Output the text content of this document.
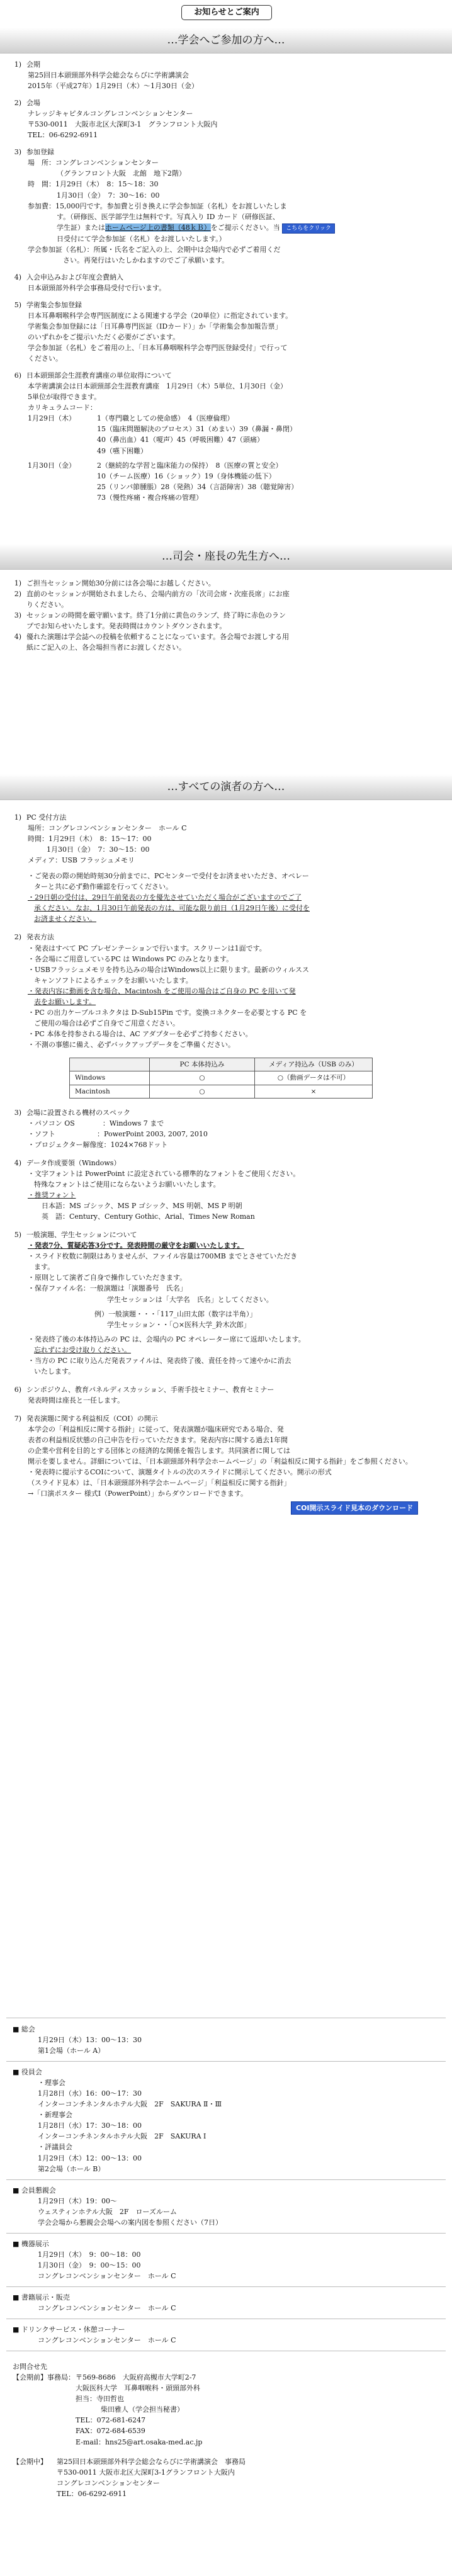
お知らせとご案内
…学会へご参加の方へ…
1) 会期
第25回日本頭頸部外科学会総会ならびに学術講演会
2015年（平成27年）1月29日（木）～1月30日（金）
2) 会場
ナレッジキャピタルコングレコンベンションセンター
〒530-0011　大阪市北区大深町3-1　グランフロント大阪内
TEL：06-6292-6911
3) 参加登録
場　所：コングレコンベンションセンター
（グランフロント大阪　北館　地下2階）
時　間：1月29日（木）　8：15～18：30
1月30日（金）　7：30～16：00
参加費：15,000円です。参加費と引き換えに学会参加証（名札）をお渡しいたしま
す。（研修医、医学部学生は無料です。写真入り ID カード（研修医証、
学生証）またはホームページ上の書類（48ｋＢ）をご提示ください。当 こちらをクリック
日受付にて学会参加証（名札）をお渡しいたします。）
学会参加証（名札）：所属・氏名をご記入の上、会期中は会場内で必ずご着用くだ
さい。再発行はいたしかねますのでご了承願います。
4) 入会申込みおよび年度会費納入
日本頭頸部外科学会事務局受付で行います。
5) 学術集会参加登録
日本耳鼻咽喉科学会専門医制度による関連する学会（20単位）に指定されています。
学術集会参加登録には「日耳鼻専門医証（IDカード）」か「学術集会参加報告票」
のいずれかをご提示いただく必要がございます。
学会参加証（名札）をご着用の上、「日本耳鼻咽喉科学会専門医登録受付」で行って
ください。
6) 日本頭頸部会生涯教育講座の単位取得について
本学術講演会は日本頭頸部会生涯教育講座　1月29日（木）5単位、1月30日（金）
5単位が取得できます。
カリキュラムコード：
1月29日（木）	1（専門職としての使命感）　4（医療倫理）
15（臨床問題解決のプロセス）31（めまい）39（鼻漏・鼻閉）
40（鼻出血）41（嗄声）45（呼吸困難）47（頭痛）
49（嚥下困難）
1月30日（金）	2（継続的な学習と臨床能力の保持）　8（医療の質と安全）
10（チーム医療）16（ショック）19（身体機能の低下）
25（リンパ節腫脹）28（発熱）34（言語障害）38（聴覚障害）
73（慢性疼痛・複合疼痛の管理）
…司会・座長の先生方へ…
1) ご担当セッション開始30分前には各会場にお越しください。
2) 直前のセッションが開始されましたら、会場内前方の「次司会席・次座長席」にお座
りください。
3) セッションの時間を厳守願います。終了1分前に黄色のランプ、終了時に赤色のラン
プでお知らせいたします。発表時間はカウントダウンされます。
4) 優れた演題は学会誌への投稿を依頼することになっています。各会場でお渡しする用
紙にご記入の上、各会場担当者にお渡しください。
…すべての演者の方へ…
1) PC 受付方法
場所：コングレコンベンションセンター　ホール C
時間：1月29日（木）　8：15～17：00
1月30日（金）　7：30～15：00
メディア：USB フラッシュメモリ
・ご発表の際の開始時刻30分前までに、PCセンターで受付をお済ませいただき、オペレー
ターと共に必ず動作確認を行ってください。
・29日朝の受付は、29日午前発表の方を優先させていただく場合がございますのでご了
承ください。なお、1月30日午前発表の方は、可能な限り前日（1月29日午後）に受付を
お済ませください。
2) 発表方法
・発表はすべて PC プレゼンテーションで行います。スクリーンは1面です。
・各会場にご用意しているPC は Windows PC のみとなります。
・USBフラッシュメモリを持ち込みの場合はWindows以上に限ります。最新のウィルスス
キャンソフトによるチェックをお願いいたします。
・発表内容に動画を含む場合、Macintosh をご使用の場合はご自身の PC を用いて発
表をお願いします。
・PC の出力ケーブルコネクタは D-Sub15Pin です。変換コネクターを必要とする PC を
ご使用の場合は必ずご自身でご用意ください。
・PC 本体を持参される場合は、AC アダプターを必ずご持参ください。
・不測の事態に備え、必ずバックアップデータをご準備ください。
	PC 本体持込み	メディア持込み（USB のみ）
Windows	○	○（動画データは不可）
Macintosh	○	×
3) 会場に設置される機材のスペック
・パソコン OS　　　　：Windows 7 まで
・ソフト　　　　　　：PowerPoint 2003, 2007, 2010
・プロジェクター解像度：1024×768ドット
4) データ作成要領（Windows）
・文字フォントは PowerPoint に設定されている標準的なフォントをご使用ください。
特殊なフォントはご使用にならないようお願いいたします。
・推奨フォント
日本語：MS ゴシック、MS P ゴシック、MS 明朝、MS P 明朝
英　語：Century、Century Gothic、Arial、Times New Roman
5) 一般演題、学生セッションについて
・発表7分、質疑応答3分です。発表時間の厳守をお願いいたします。
・スライド枚数に制限はありませんが、ファイル容量は700MB までとさせていただき
ます。
・原則として演者ご自身で操作していただきます。
・保存ファイル名：一般演題は「演題番号　氏名」
学生セッションは「大学名　氏名」としてください。
例）一般演題・・・「117_山田太郎（数字は半角）」
学生セッション・・「○×医科大学_鈴木次郎」
・発表終了後の本体持込みの PC は、会場内の PC オペレーター席にて返却いたします。
忘れずにお受け取りください。
・当方の PC に取り込んだ発表ファイルは、発表終了後、責任を持って速やかに消去
いたします。
6) シンポジウム、教育パネルディスカッション、手術手技セミナー、教育セミナー
発表時間は座長と一任します。
7) 発表演題に関する利益相反（COI）の開示
本学会の「利益相反に関する指針」に従って、発表演題が臨床研究である場合、発
表者の利益相反状態の自己申告を行っていただきます。発表内容に関する過去1年間
の企業や営利を目的とする団体との経済的な関係を報告します。共同演者に関しては
開示を要しません。詳細については、「日本頭頸部外科学会ホームページ」の「利益相反に関する指針」をご参照ください。
・発表時に提示するCOIについて、演題タイトルの次のスライドに開示してください。開示の形式
（スライド見本）は、「日本頭頸部外科学会ホームページ」「利益相反に関する指針」
→「口演ポスター 様式Ⅰ（PowerPoint）」からダウンロードできます。
COI開示スライド見本のダウンロード
■ 総会
1月29日（木）13：00～13：30
第1会場（ホール A）
■ 役員会
・理事会
1月28日（水）16：00～17：30
インターコンチネンタルホテル大阪　2F　SAKURA Ⅱ・Ⅲ
・新理事会
1月28日（水）17：30～18：00
インターコンチネンタルホテル大阪　2F　SAKURA Ⅰ
・評議員会
1月29日（木）12：00～13：00
第2会場（ホール B）
■ 会員懇親会
1月29日（木）19：00～
ウェスティンホテル大阪　2F　ローズルーム
学会会場から懇親会会場への案内図を参照ください（7日）
■ 機器展示
1月29日（木）　9：00～18：00
1月30日（金）　9：00～15：00
コングレコンベンションセンター　ホール C
■ 書籍展示・販売
コングレコンベンションセンター　ホール C
■ ドリンクサービス・休憩コーナー
コングレコンベンションセンター　ホール C
お問合せ先
【会期前】事務局： 〒569-8686　大阪府高槻市大学町2-7
大阪医科大学　耳鼻咽喉科・頭頸部外科
担当：寺田哲也
柴田雅人（学会担当秘書）
TEL：072-681-6247
FAX：072-684-6539
E-mail：hns25@art.osaka-med.ac.jp
【会期中】	第25回日本頭頸部外科学会総会ならびに学術講演会　事務局
〒530-0011 大阪市北区大深町3-1グランフロント大阪内
コングレコンベンションセンター
TEL：06-6292-6911
